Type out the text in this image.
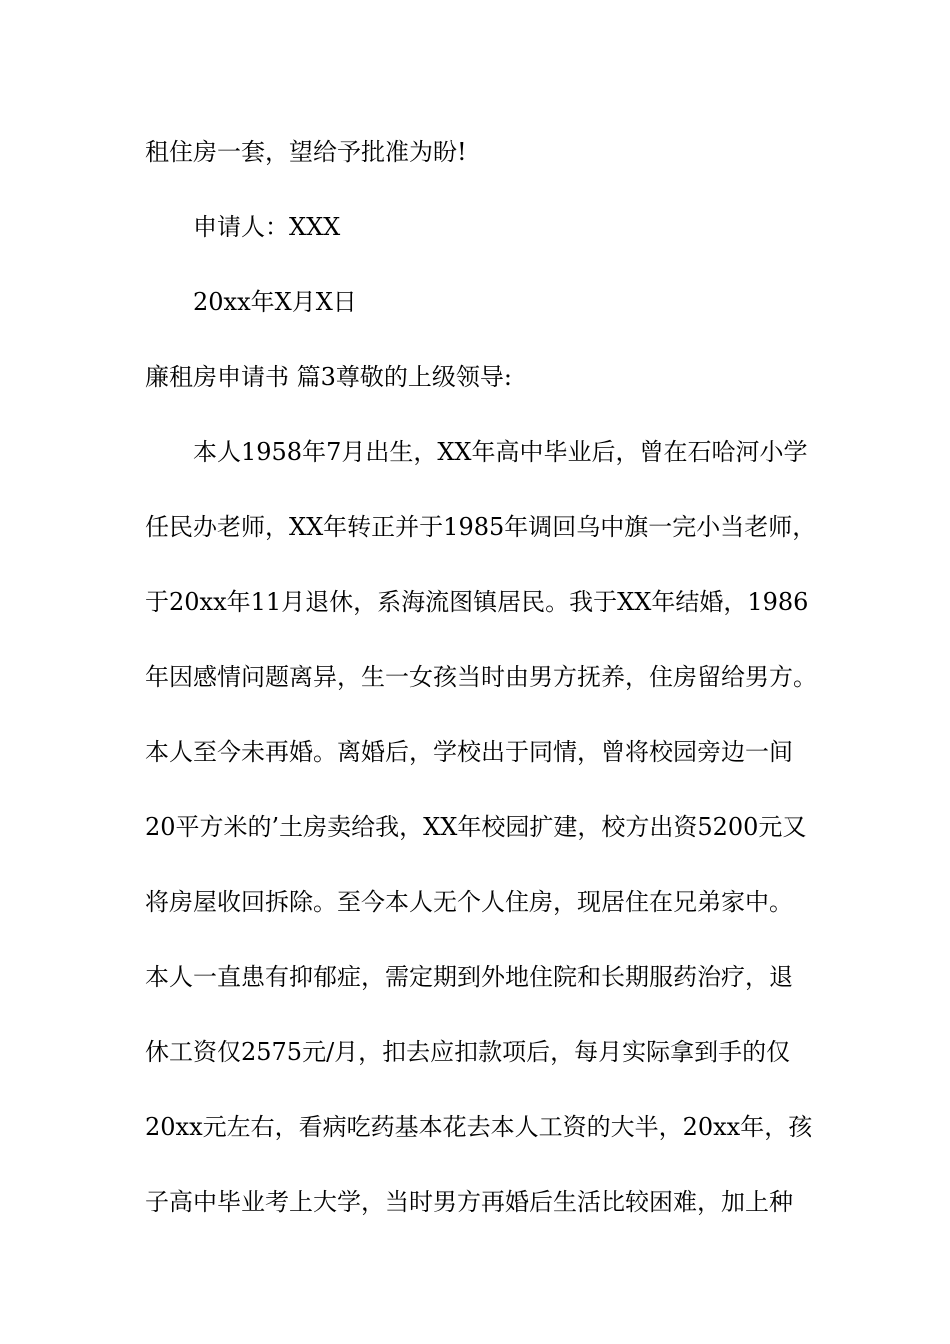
租住房一套，望给予批准为盼!
申请人：XXX
20xx年X月X日
廉租房申请书 篇3尊敬的上级领导:
本人1958年7月出生，XX年高中毕业后，曾在石哈河小学
任民办老师，XX年转正并于1985年调回乌中旗一完小当老师，
于20xx年11月退休，系海流图镇居民。我于XX年结婚，1986
年因感情问题离异，生一女孩当时由男方抚养，住房留给男方。
本人至今未再婚。离婚后，学校出于同情，曾将校园旁边一间
20平方米的’土房卖给我，XX年校园扩建，校方出资5200元又
将房屋收回拆除。至今本人无个人住房，现居住在兄弟家中。
本人一直患有抑郁症，需定期到外地住院和长期服药治疗，退
休工资仅2575元/月，扣去应扣款项后，每月实际拿到手的仅
20xx元左右，看病吃药基本花去本人工资的大半，20xx年，孩
子高中毕业考上大学，当时男方再婚后生活比较困难，加上种
